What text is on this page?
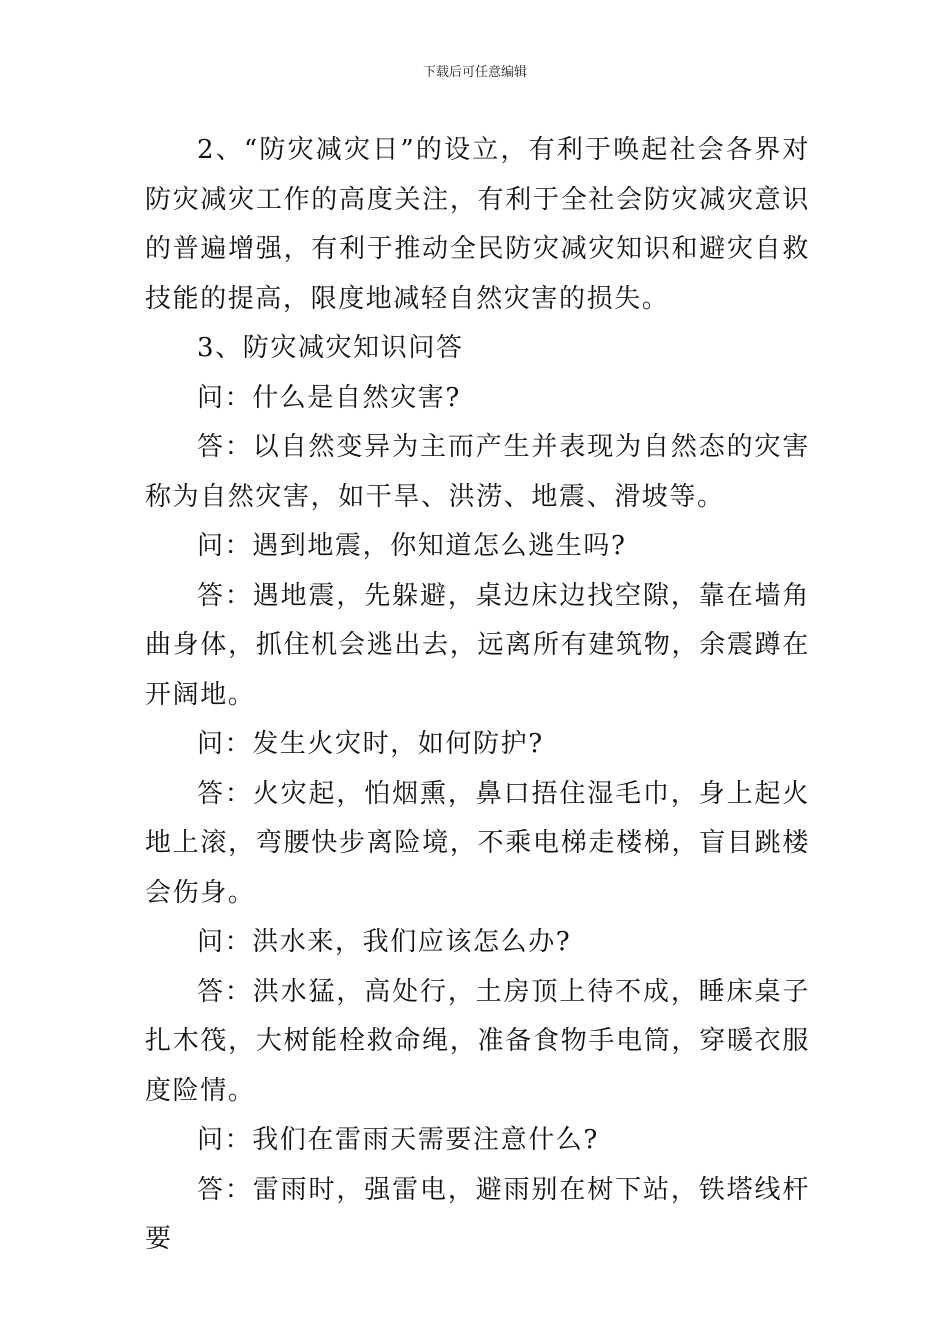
下载后可任意编辑

2、“防灾减灾日”的设立，有利于唤起社会各界对防灾减灾工作的高度关注，有利于全社会防灾减灾意识的普遍增强，有利于推动全民防灾减灾知识和避灾自救技能的提高，限度地减轻自然灾害的损失。

3、防灾减灾知识问答

问：什么是自然灾害?

答：以自然变异为主而产生并表现为自然态的灾害称为自然灾害，如干旱、洪涝、地震、滑坡等。

问：遇到地震，你知道怎么逃生吗?

答：遇地震，先躲避，桌边床边找空隙，靠在墙角曲身体，抓住机会逃出去，远离所有建筑物，余震蹲在开阔地。

问：发生火灾时，如何防护?

答：火灾起，怕烟熏，鼻口捂住湿毛巾，身上起火地上滚，弯腰快步离险境，不乘电梯走楼梯，盲目跳楼会伤身。

问：洪水来，我们应该怎么办?

答：洪水猛，高处行，土房顶上待不成，睡床桌子扎木筏，大树能栓救命绳，准备食物手电筒，穿暖衣服度险情。

问：我们在雷雨天需要注意什么?

答：雷雨时，强雷电，避雨别在树下站，铁塔线杆要
